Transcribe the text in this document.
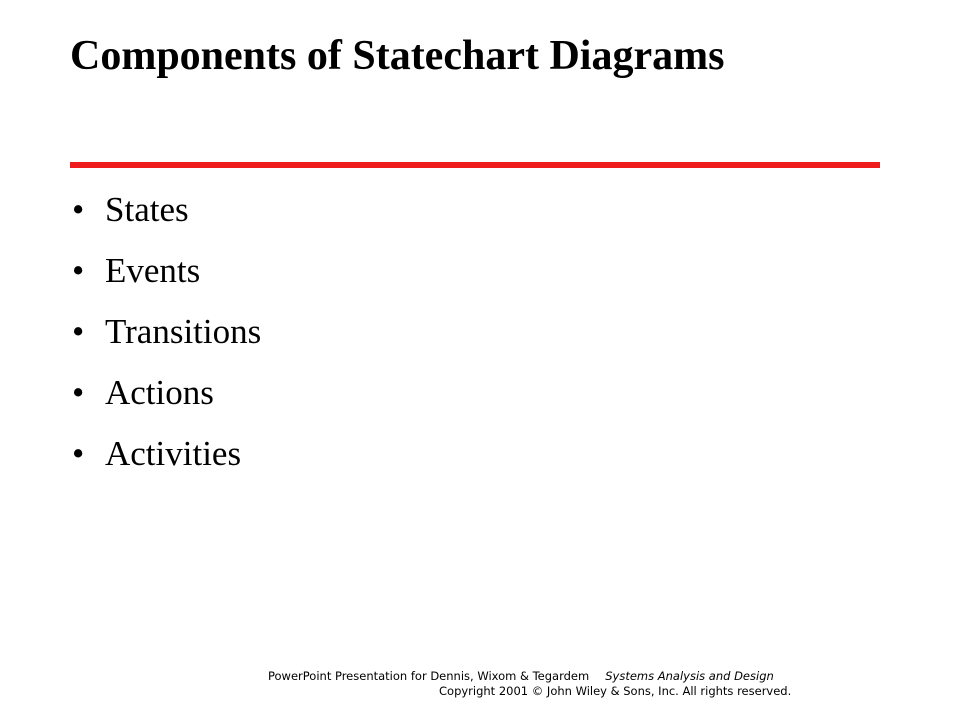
Components of Statechart Diagrams
• States
• Events
• Transitions
• Actions
• Activities
PowerPoint Presentation for Dennis, Wixom & Tegardem Systems Analysis and Design
Copyright 2001 © John Wiley & Sons, Inc. All rights reserved.
